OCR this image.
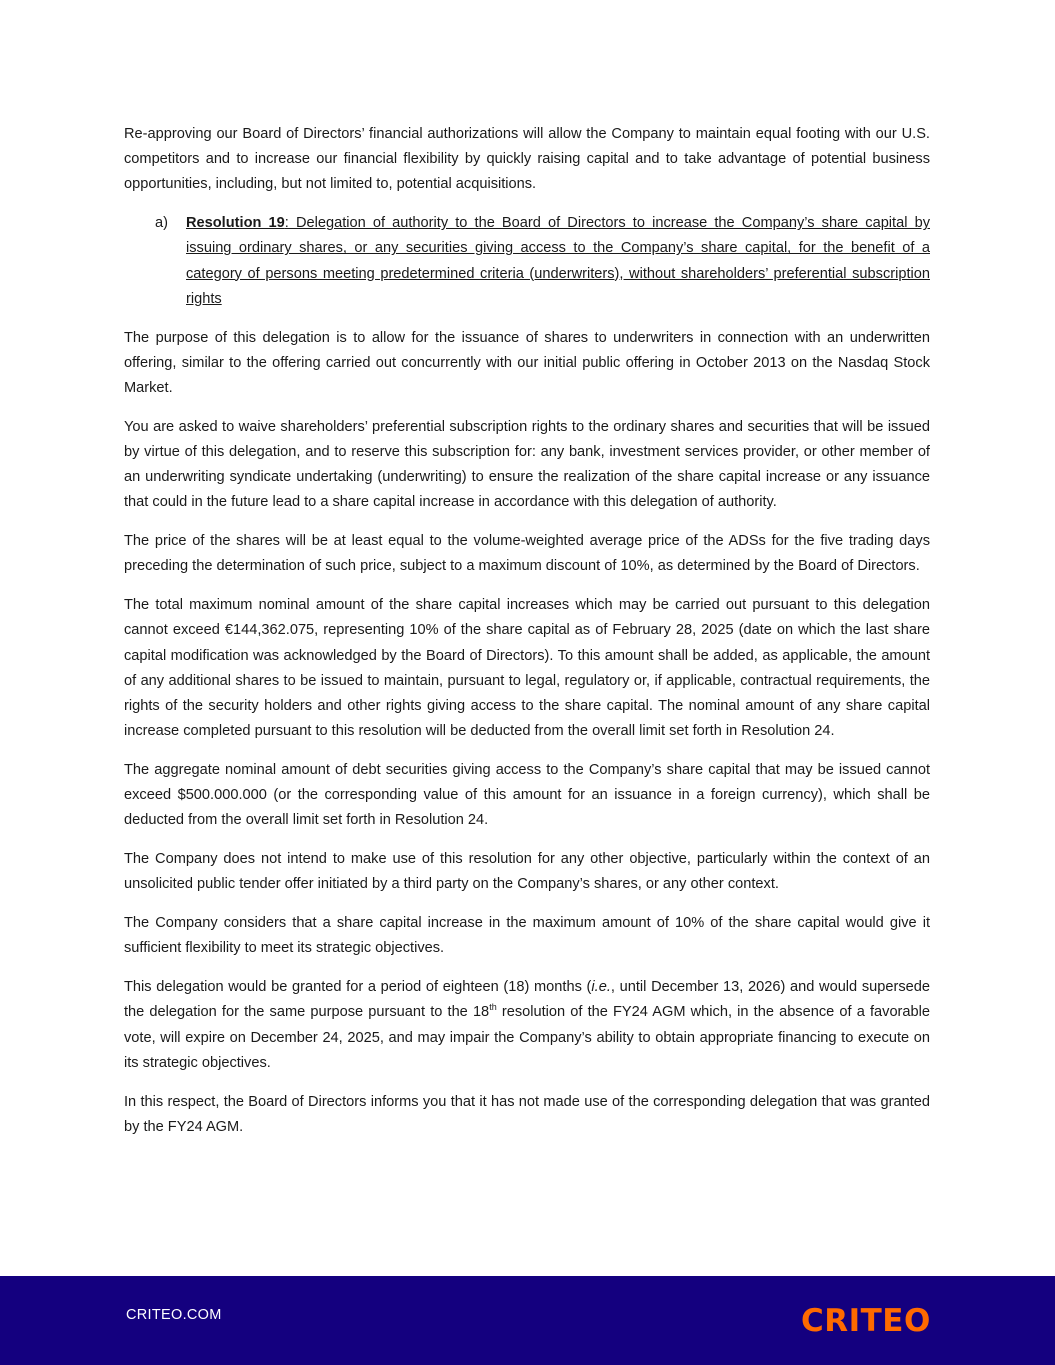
Re-approving our Board of Directors’ financial authorizations will allow the Company to maintain equal footing with our U.S. competitors and to increase our financial flexibility by quickly raising capital and to take advantage of potential business opportunities, including, but not limited to, potential acquisitions.

a)	Resolution 19: Delegation of authority to the Board of Directors to increase the Company’s share capital by issuing ordinary shares, or any securities giving access to the Company’s share capital, for the benefit of a category of persons meeting predetermined criteria (underwriters), without shareholders’ preferential subscription rights

The purpose of this delegation is to allow for the issuance of shares to underwriters in connection with an underwritten offering, similar to the offering carried out concurrently with our initial public offering in October 2013 on the Nasdaq Stock Market.

You are asked to waive shareholders’ preferential subscription rights to the ordinary shares and securities that will be issued by virtue of this delegation, and to reserve this subscription for: any bank, investment services provider, or other member of an underwriting syndicate undertaking (underwriting) to ensure the realization of the share capital increase or any issuance that could in the future lead to a share capital increase in accordance with this delegation of authority.

The price of the shares will be at least equal to the volume-weighted average price of the ADSs for the five trading days preceding the determination of such price, subject to a maximum discount of 10%, as determined by the Board of Directors.

The total maximum nominal amount of the share capital increases which may be carried out pursuant to this delegation cannot exceed €144,362.075, representing 10% of the share capital as of February 28, 2025 (date on which the last share capital modification was acknowledged by the Board of Directors). To this amount shall be added, as applicable, the amount of any additional shares to be issued to maintain, pursuant to legal, regulatory or, if applicable, contractual requirements, the rights of the security holders and other rights giving access to the share capital. The nominal amount of any share capital increase completed pursuant to this resolution will be deducted from the overall limit set forth in Resolution 24.

The aggregate nominal amount of debt securities giving access to the Company’s share capital that may be issued cannot exceed $500.000.000 (or the corresponding value of this amount for an issuance in a foreign currency), which shall be deducted from the overall limit set forth in Resolution 24.

The Company does not intend to make use of this resolution for any other objective, particularly within the context of an unsolicited public tender offer initiated by a third party on the Company’s shares, or any other context.

The Company considers that a share capital increase in the maximum amount of 10% of the share capital would give it sufficient flexibility to meet its strategic objectives.

This delegation would be granted for a period of eighteen (18) months (i.e., until December 13, 2026) and would supersede the delegation for the same purpose pursuant to the 18th resolution of the FY24 AGM which, in the absence of a favorable vote, will expire on December 24, 2025, and may impair the Company’s ability to obtain appropriate financing to execute on its strategic objectives.

In this respect, the Board of Directors informs you that it has not made use of the corresponding delegation that was granted by the FY24 AGM.

CRITEO.COM	CRITEO
